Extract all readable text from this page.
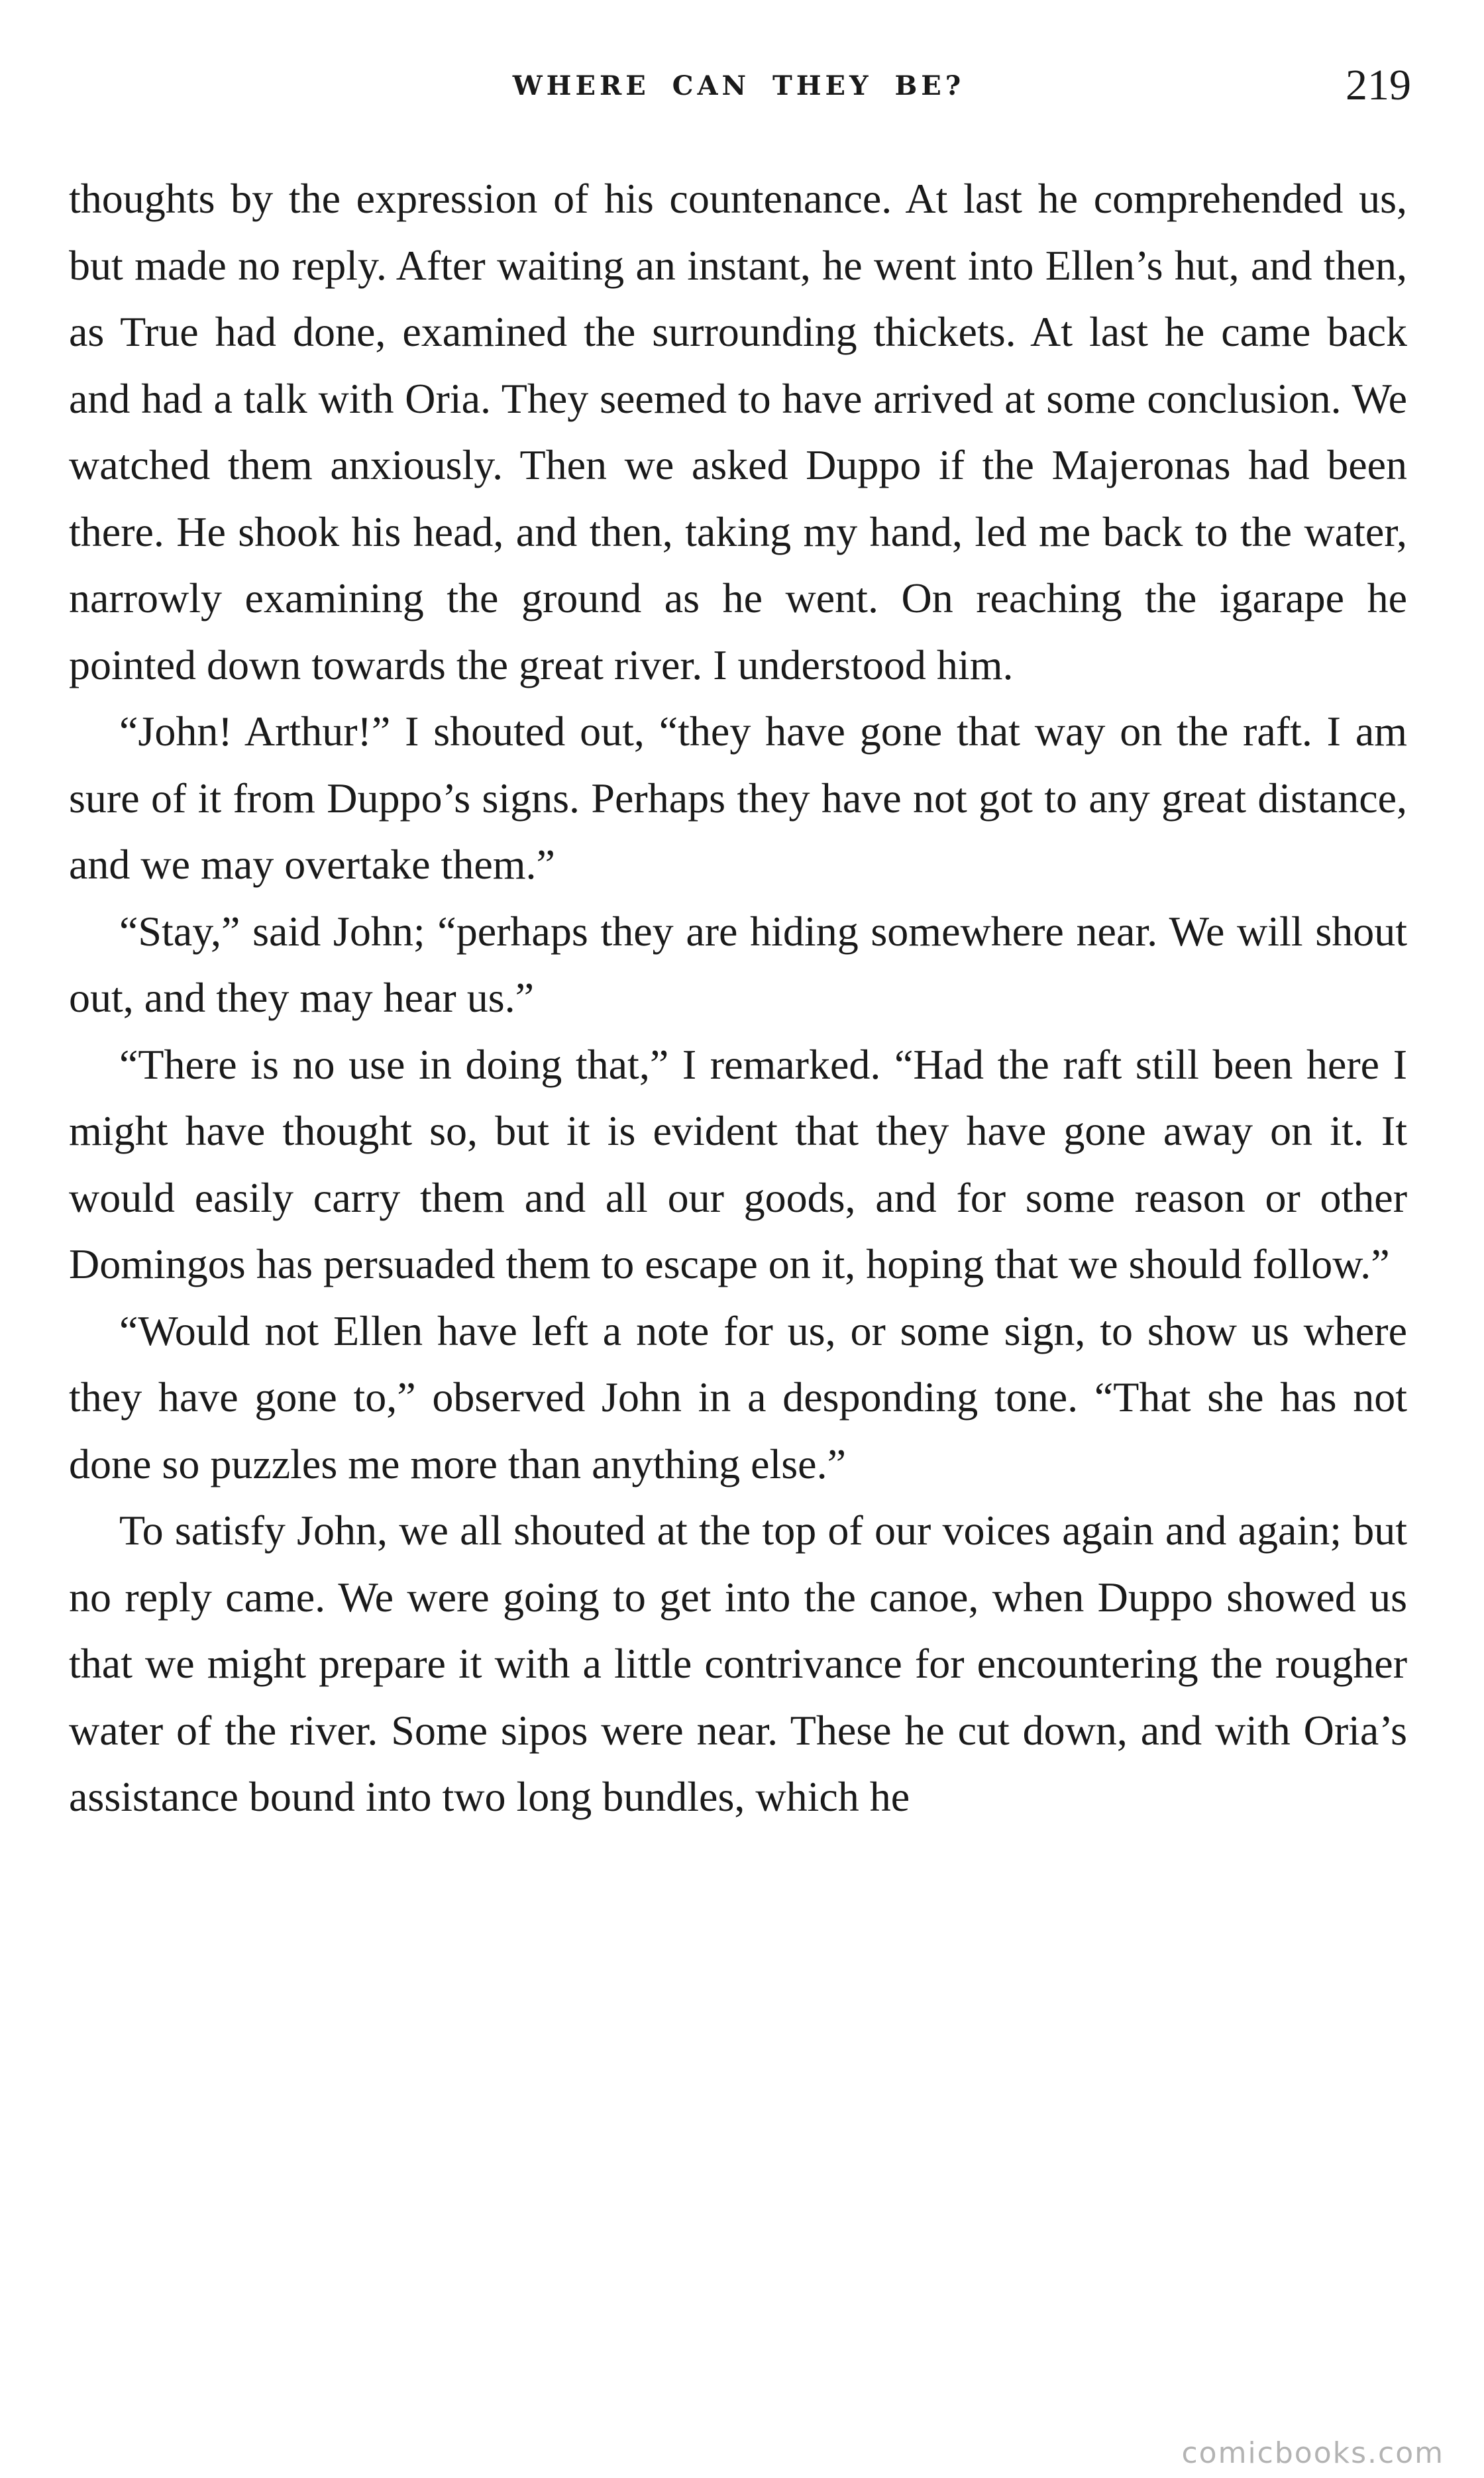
WHERE CAN THEY BE?	219

thoughts by the expression of his countenance. At last he comprehended us, but made no reply. After waiting an instant, he went into Ellen’s hut, and then, as True had done, examined the surrounding thickets. At last he came back and had a talk with Oria. They seemed to have arrived at some conclusion. We watched them anxiously. Then we asked Duppo if the Majeronas had been there. He shook his head, and then, taking my hand, led me back to the water, narrowly examining the ground as he went. On reaching the igarape he pointed down towards the great river. I understood him.

“John! Arthur!” I shouted out, “they have gone that way on the raft. I am sure of it from Duppo’s signs. Perhaps they have not got to any great distance, and we may overtake them.”

“Stay,” said John; “perhaps they are hiding somewhere near. We will shout out, and they may hear us.”

“There is no use in doing that,” I remarked. “Had the raft still been here I might have thought so, but it is evident that they have gone away on it. It would easily carry them and all our goods, and for some reason or other Domingos has persuaded them to escape on it, hoping that we should follow.”

“Would not Ellen have left a note for us, or some sign, to show us where they have gone to,” observed John in a desponding tone. “That she has not done so puzzles me more than anything else.”

To satisfy John, we all shouted at the top of our voices again and again; but no reply came. We were going to get into the canoe, when Duppo showed us that we might prepare it with a little contrivance for encountering the rougher water of the river. Some sipos were near. These he cut down, and with Oria’s assistance bound into two long bundles, which he

comicbooks.com
